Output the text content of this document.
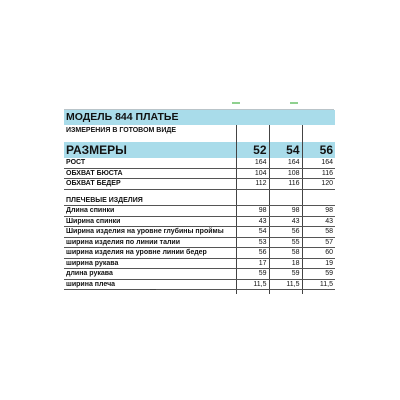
МОДЕЛЬ 844 ПЛАТЬЕ			
ИЗМЕРЕНИЯ В ГОТОВОМ ВИДЕ			

РАЗМЕРЫ	52	54	56
РОСТ	164	164	164
ОБХВАТ БЮСТА	104	108	116
ОБХВАТ БЕДЕР	112	116	120

ПЛЕЧЕВЫЕ ИЗДЕЛИЯ			
Длина спинки	98	98	98
Ширина спинки	43	43	43
Ширина изделия на уровне глубины проймы	54	56	58
ширина изделия по линии талии	53	55	57
ширина изделия на уровне линии бедер	56	58	60
ширина рукава	17	18	19
длина рукава	59	59	59
ширина плеча	11,5	11,5	11,5
